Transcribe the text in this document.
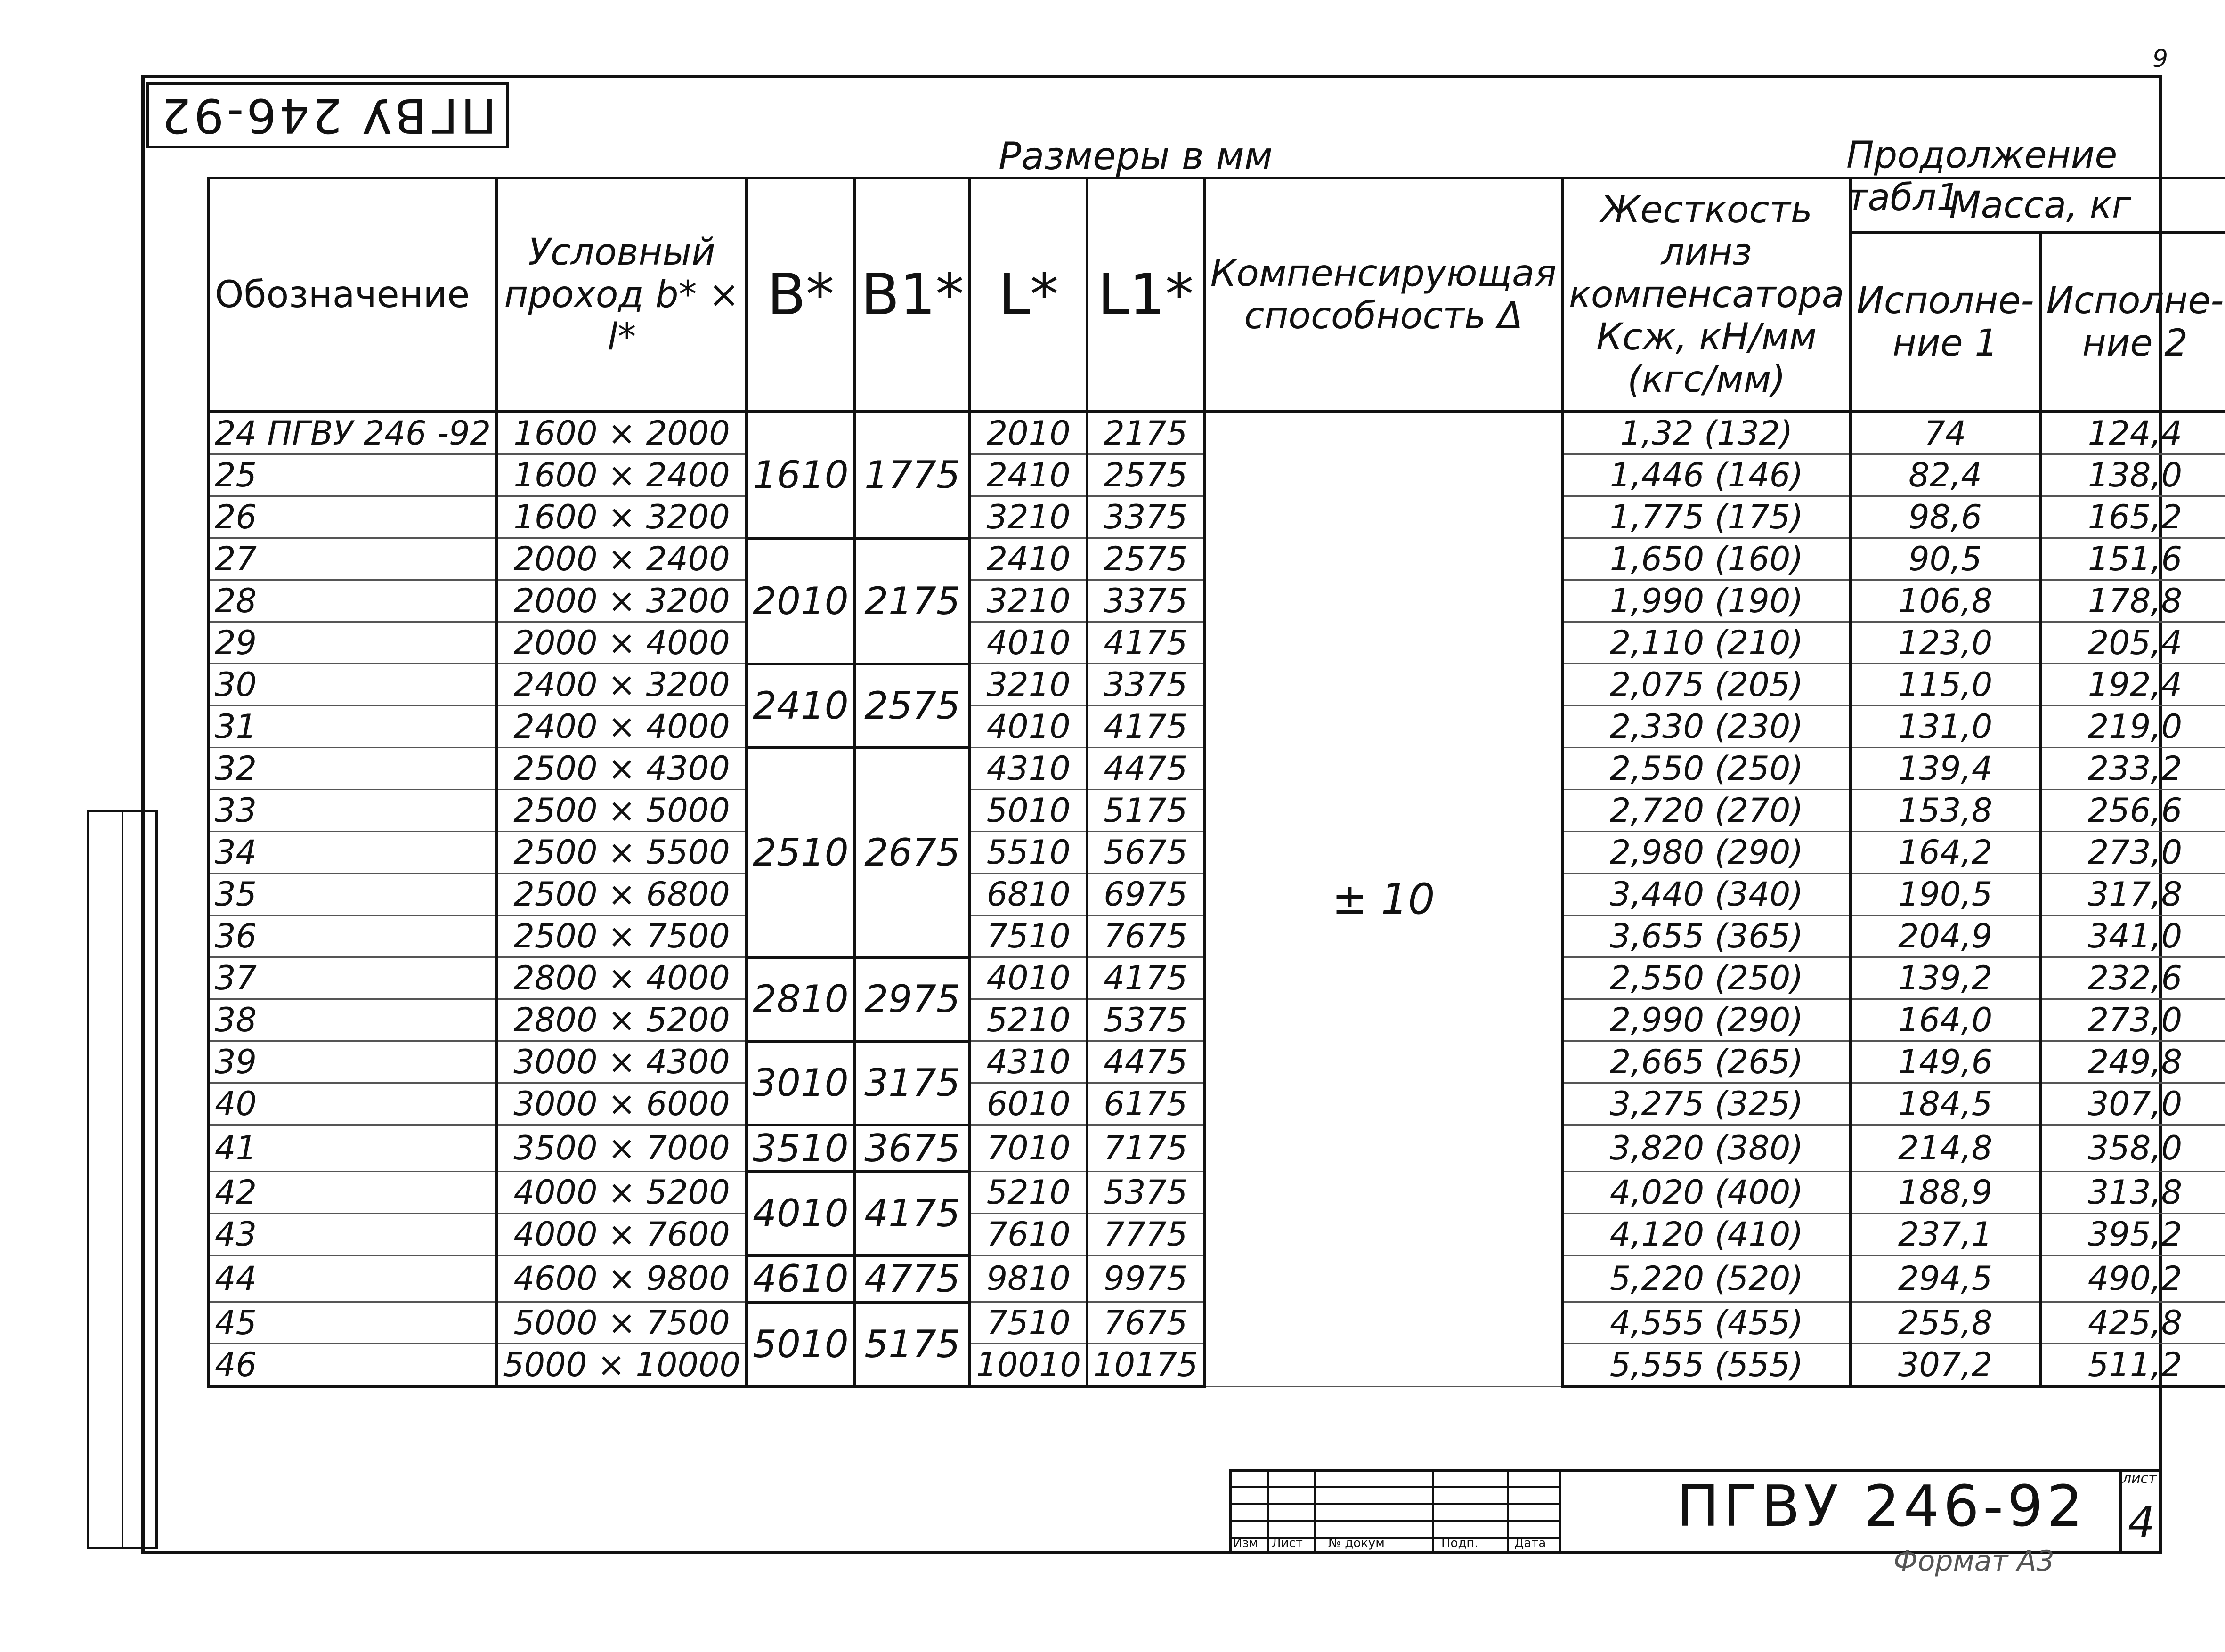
9
ПГВУ 246-92
Размеры в мм	Продолжение табл1
Обозначение	Условный проход b* × l*	B*	B1*	L*	L1*	Компенсирующая способность Δ	Жесткость линз компенсатора Ксж, кН/мм (кгс/мм)	Масса, кг	
								Исполне-ние 1	Исполне-ние 2
24 ПГВУ 246 -92	1600 × 2000	1610	1775	2010	2175	± 10	1,32 (132)	74	124,4
25	1600 × 2400			2410	2575		1,446 (146)	82,4	138,0
26	1600 × 3200			3210	3375		1,775 (175)	98,6	165,2
27	2000 × 2400	2010	2175	2410	2575		1,650 (160)	90,5	151,6
28	2000 × 3200			3210	3375		1,990 (190)	106,8	178,8
29	2000 × 4000			4010	4175		2,110 (210)	123,0	205,4
30	2400 × 3200	2410	2575	3210	3375		2,075 (205)	115,0	192,4
31	2400 × 4000			4010	4175		2,330 (230)	131,0	219,0
32	2500 × 4300	2510	2675	4310	4475		2,550 (250)	139,4	233,2
33	2500 × 5000			5010	5175		2,720 (270)	153,8	256,6
34	2500 × 5500			5510	5675		2,980 (290)	164,2	273,0
35	2500 × 6800			6810	6975		3,440 (340)	190,5	317,8
36	2500 × 7500			7510	7675		3,655 (365)	204,9	341,0
37	2800 × 4000	2810	2975	4010	4175		2,550 (250)	139,2	232,6
38	2800 × 5200			5210	5375		2,990 (290)	164,0	273,0
39	3000 × 4300	3010	3175	4310	4475		2,665 (265)	149,6	249,8
40	3000 × 6000			6010	6175		3,275 (325)	184,5	307,0
41	3500 × 7000	3510	3675	7010	7175		3,820 (380)	214,8	358,0
42	4000 × 5200	4010	4175	5210	5375		4,020 (400)	188,9	313,8
43	4000 × 7600			7610	7775		4,120 (410)	237,1	395,2
44	4600 × 9800	4610	4775	9810	9975		5,220 (520)	294,5	490,2
45	5000 × 7500	5010	5175	7510	7675		4,555 (455)	255,8	425,8
46	5000 × 10000			10010	10175		5,555 (555)	307,2	511,2
Изм Лист № докум	Подп.	Дата
ПГВУ 246-92	лист
4
Формат А3
